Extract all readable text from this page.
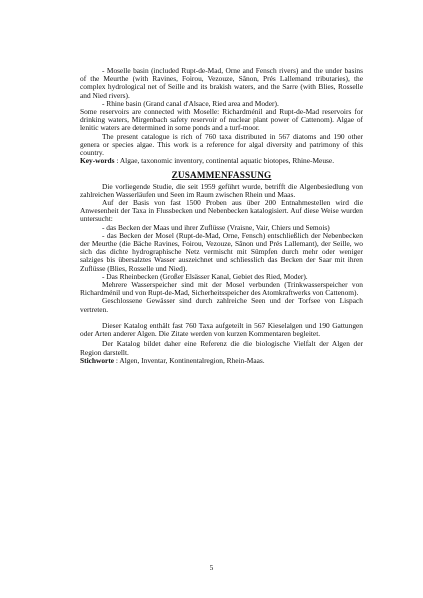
- Moselle basin (included Rupt-de-Mad, Orne and Fensch rivers) and the under basins of the Meurthe (with Ravines, Foirou, Vezouze, Sânon, Prés Lallemand tributaries), the complex hydrological net of Seille and its brakish waters, and the Sarre (with Blies, Rosselle and Nied rivers).

- Rhine basin (Grand canal d'Alsace, Ried area and Moder).

Some reservoirs are connected with Moselle: Richardménil and Rupt-de-Mad reservoirs for drinking waters, Mirgenbach safety reservoir of nuclear plant power of Cattenom). Algae of lenitic waters are determined in some ponds and a turf-moor.

The present catalogue is rich of 760 taxa distributed in 567 diatoms and 190 other genera or species algae. This work is a reference for algal diversity and patrimony of this country.

Key-words : Algae, taxonomic inventory, continental aquatic biotopes, Rhine-Meuse.

ZUSAMMENFASSUNG

Die vorliegende Studie, die seit 1959 geführt wurde, betrifft die Algenbesiedlung von zahlreichen Wasserläufen und Seen im Raum zwischen Rhein und Maas.

Auf der Basis von fast 1500 Proben aus über 200 Entnahmestellen wird die Anwesenheit der Taxa in Flussbecken und Nebenbecken katalogisiert. Auf diese Weise wurden untersucht:

- das Becken der Maas und ihrer Zuflüsse (Vraisne, Vair, Chiers und Semois)

- das Becken der Mosel (Rupt-de-Mad, Orne, Fensch) entschließlich der Nebenbecken der Meurthe (die Bäche Ravines, Foirou, Vezouze, Sânon und Prés Lallemant), der Seille, wo sich das dichte hydrographische Netz vermischt mit Sümpfen durch mehr oder weniger salziges bis übersalztes Wasser auszeichnet und schliesslich das Becken der Saar mit ihren Zuflüsse (Blies, Rosselle und Nied).

- Das Rheinbecken (Großer Elsässer Kanal, Gebiet des Ried, Moder).

Mehrere Wasserspeicher sind mit der Mosel verbunden (Trinkwasserspeicher von Richardménil und von Rupt-de-Mad, Sicherheitsspeicher des Atomkraftwerks von Cattenom).

Geschlossene Gewässer sind durch zahlreiche Seen und der Torfsee von Lispach vertreten.

Dieser Katalog enthält fast 760 Taxa aufgeteilt in 567 Kieselalgen und 190 Gattungen oder Arten anderer Algen. Die Zitate werden von kurzen Kommentaren begleitet.

Der Katalog bildet daher eine Referenz die die biologische Vielfalt der Algen der Region darstellt.

Stichworte : Algen, Inventar, Kontinentalregion, Rhein-Maas.

5
